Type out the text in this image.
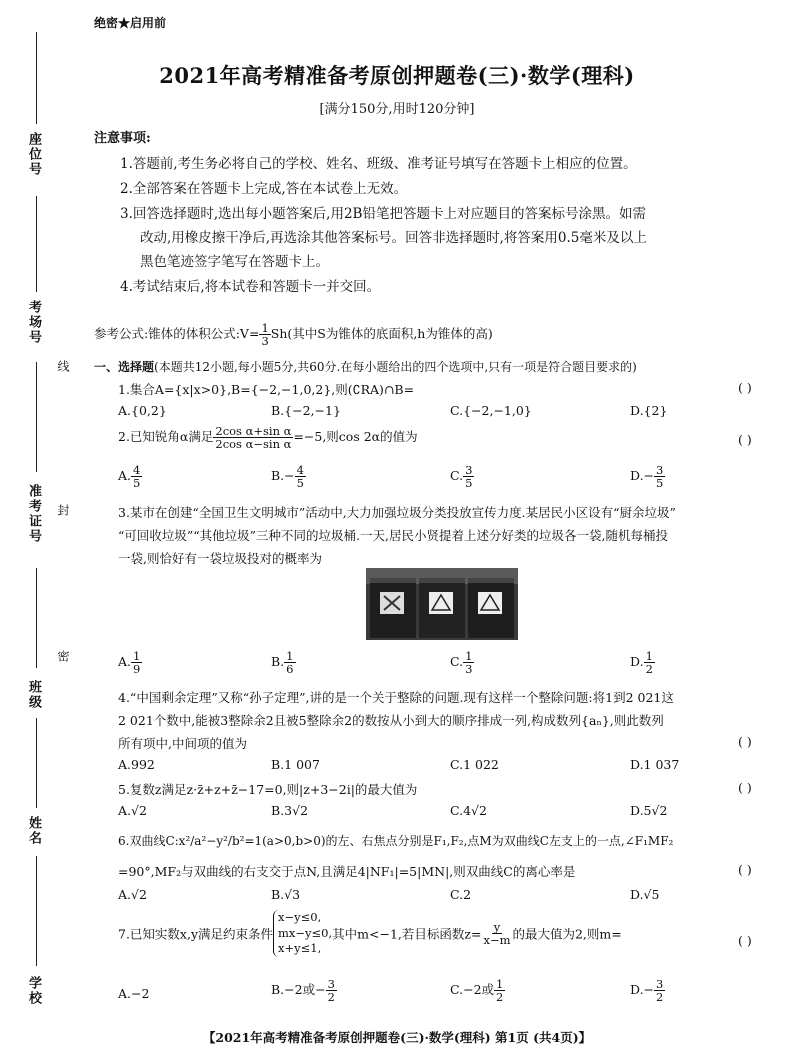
座位号
考场号
准考证号
班级
姓名
学校
线
封
密
绝密★启用前
2021年高考精准备考原创押题卷(三)·数学(理科)
[满分150分,用时120分钟]
注意事项:
1.答题前,考生务必将自己的学校、姓名、班级、准考证号填写在答题卡上相应的位置。
2.全部答案在答题卡上完成,答在本试卷上无效。
3.回答选择题时,选出每小题答案后,用2B铅笔把答题卡上对应题目的答案标号涂黑。如需
改动,用橡皮擦干净后,再选涂其他答案标号。回答非选择题时,将答案用0.5毫米及以上
黑色笔迹签字笔写在答题卡上。
4.考试结束后,将本试卷和答题卡一并交回。
参考公式:锥体的体积公式:V= $\frac{1}{3} Sh$(其中S为锥体的底面积,h为锥体的高)
一、选择题(本题共12小题,每小题5分,共60分.在每小题给出的四个选项中,只有一项是符合题目要求的)
1.集合A={x|x>0},B={−2,−1,0,2},则(∁RA)∩B=	( )
A.{0,2}	B.{−2,−1}	C.{−2,−1,0}	D.{2}
2.已知锐角α满足 $\frac{\text{2cos α+sin α}}{\text{2cos α−sin α}} =-5$,则cos 2α的值为	( )
A. $\frac{4}{5}$	$B.- \frac{4}{5}$	C. $\frac{3}{5}$	$D.- \frac{3}{5}$
3.某市在创建“全国卫生文明城市”活动中,大力加强垃圾分类投放宣传力度.某居民小区设有“厨余垃圾”
“可回收垃圾”“其他垃圾”三种不同的垃圾桶.一天,居民小贤提着上述分好类的垃圾各一袋,随机每桶投
一袋,则恰好有一袋垃圾投对的概率为
A. $\frac{1}{9}$	B. $\frac{1}{6}$	C. $\frac{1}{3}$	D. $\frac{1}{2}$
4.“中国剩余定理”又称“孙子定理”,讲的是一个关于整除的问题.现有这样一个整除问题:将1到2 021这
2 021个数中,能被3整除余2且被5整除余2的数按从小到大的顺序排成一列,构成数列{aₙ},则此数列
所有项中,中间项的值为	( )
A.992	B.1 007	C.1 022	D.1 037
5.复数z满足z·z̄+z+z̄−17=0,则|z+3−2i|的最大值为	( )
A.√2	B.3√2	C.4√2	D.5√2
6.双曲线C:x²/a²−y²/b²=1(a>0,b>0)的左、右焦点分别是F₁,F₂,点M为双曲线C左支上的一点,∠F₁MF₂
=90°,MF₂与双曲线的右支交于点N,且满足4|NF₁|=5|MN|,则双曲线C的离心率是	( )
A.√2	B.√3	C.2	D.√5
7.已知实数x,y满足约束条件
x−y≤0,
mx−y≤0,
x+y≤1,
其中m<−1,若目标函数$z= \frac{y}{x-m}$ 的最大值为2,则m=	( )
A.−2	B.−2或− $\frac{3}{2}$	C.−2或 $\frac{1}{2}$	$D.- \frac{3}{2}$
【2021年高考精准备考原创押题卷(三)·数学(理科) 第1页 (共4页)】
